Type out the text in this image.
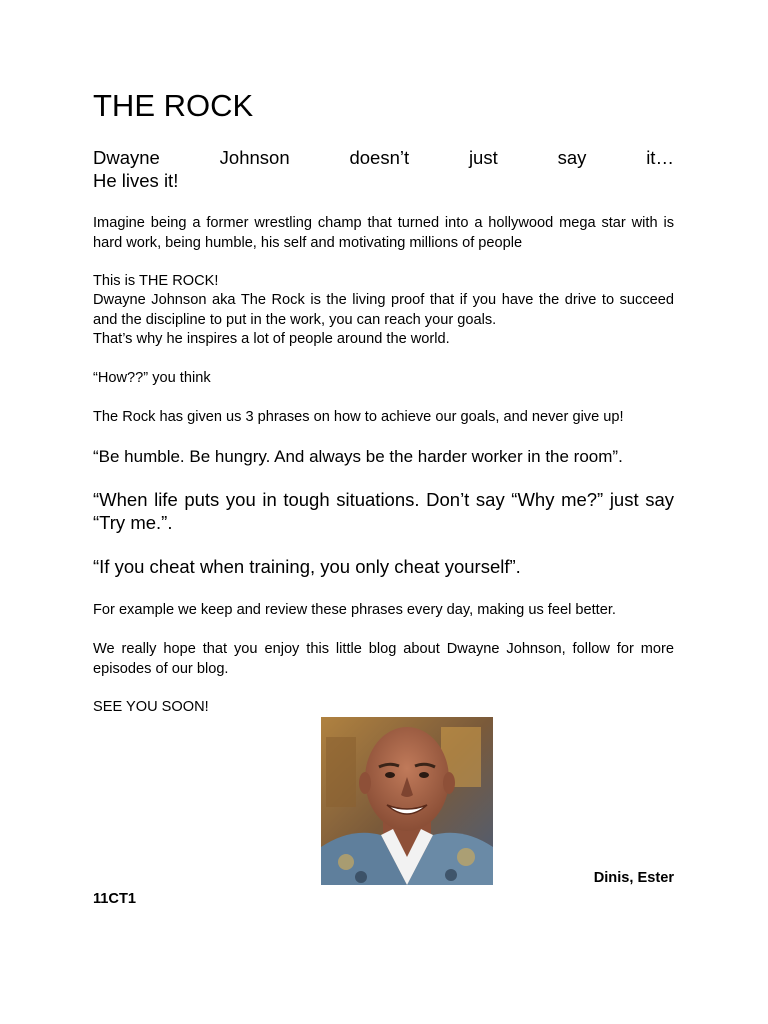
THE ROCK
Dwayne	Johnson	doesn’t	just	say	it…
He lives it!

Imagine being a former wrestling champ that turned into a hollywood mega star with is hard work, being humble, his self and motivating millions of people

This is THE ROCK!

Dwayne Johnson aka The Rock is the living proof that if you have the drive to succeed and the discipline to put in the work, you can reach your goals.

That’s why he inspires a lot of people around the world.

“How??” you think

The Rock has given us 3 phrases on how to achieve our goals, and never give up!

“Be humble. Be hungry. And always be the harder worker in the room”.
“When life puts you in tough situations. Don’t say “Why me?” just say “Try me.”.
“If you cheat when training, you only cheat yourself”.

For example we keep and review these phrases every day, making us feel better.

We really hope that you enjoy this little blog about Dwayne Johnson, follow for more episodes of our blog.

SEE YOU SOON!

Dinis, Ester
11CT1
